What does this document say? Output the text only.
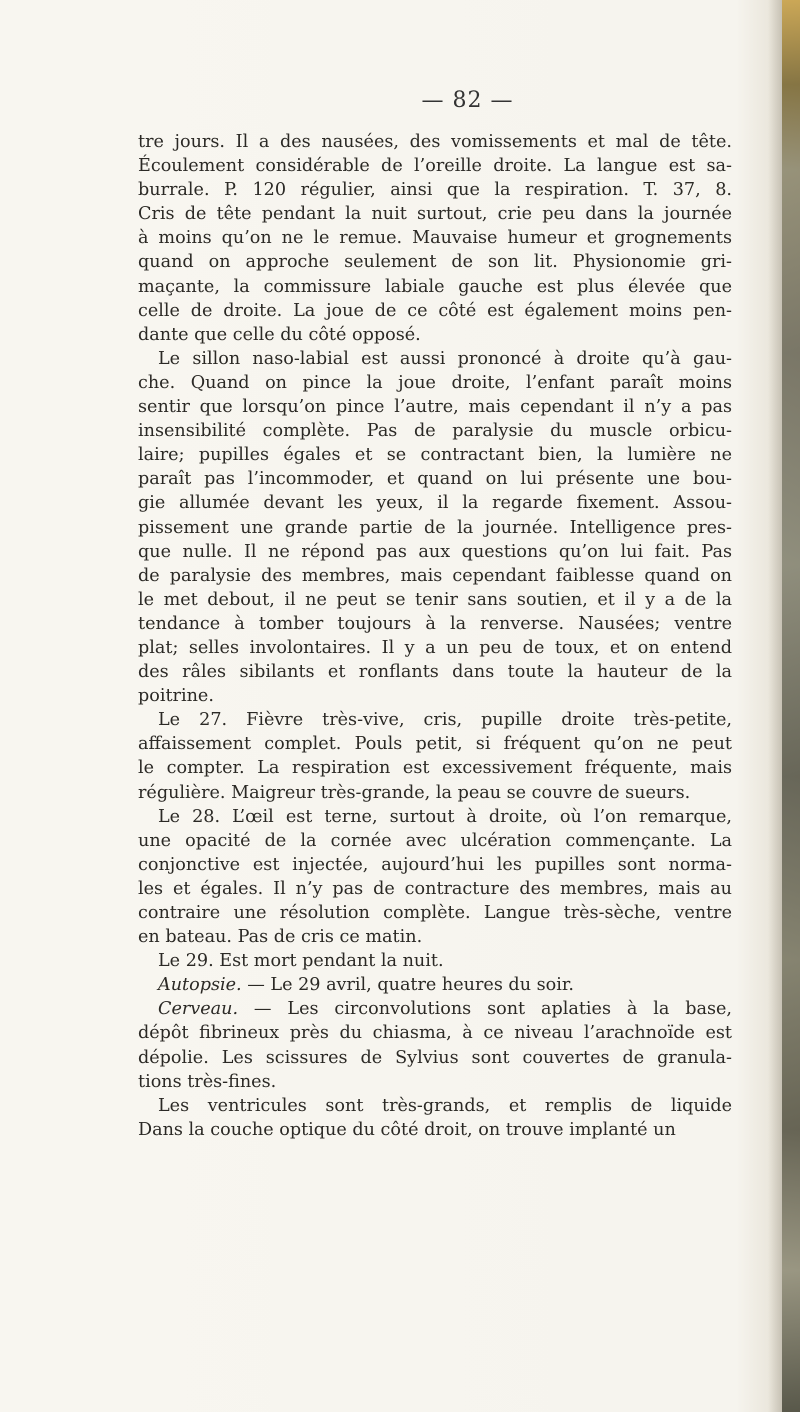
— 82 —

tre jours. Il a des nausées, des vomissements et mal de tête.
Écoulement considérable de l’oreille droite. La langue est sa-
burrale. P. 120 régulier, ainsi que la respiration. T. 37, 8.
Cris de tête pendant la nuit surtout, crie peu dans la journée
à moins qu’on ne le remue. Mauvaise humeur et grognements
quand on approche seulement de son lit. Physionomie gri-
maçante, la commissure labiale gauche est plus élevée que
celle de droite. La joue de ce côté est également moins pen-
dante que celle du côté opposé.

Le sillon naso-labial est aussi prononcé à droite qu’à gau-
che. Quand on pince la joue droite, l’enfant paraît moins
sentir que lorsqu’on pince l’autre, mais cependant il n’y a pas
insensibilité complète. Pas de paralysie du muscle orbicu-
laire; pupilles égales et se contractant bien, la lumière ne
paraît pas l’incommoder, et quand on lui présente une bou-
gie allumée devant les yeux, il la regarde fixement. Assou-
pissement une grande partie de la journée. Intelligence pres-
que nulle. Il ne répond pas aux questions qu’on lui fait. Pas
de paralysie des membres, mais cependant faiblesse quand on
le met debout, il ne peut se tenir sans soutien, et il y a de la
tendance à tomber toujours à la renverse. Nausées; ventre
plat; selles involontaires. Il y a un peu de toux, et on entend
des râles sibilants et ronflants dans toute la hauteur de la
poitrine.

Le 27. Fièvre très-vive, cris, pupille droite très-petite,
affaissement complet. Pouls petit, si fréquent qu’on ne peut
le compter. La respiration est excessivement fréquente, mais
régulière. Maigreur très-grande, la peau se couvre de sueurs.

Le 28. L’œil est terne, surtout à droite, où l’on remarque,
une opacité de la cornée avec ulcération commençante. La
conjonctive est injectée, aujourd’hui les pupilles sont norma-
les et égales. Il n’y pas de contracture des membres, mais au
contraire une résolution complète. Langue très-sèche, ventre
en bateau. Pas de cris ce matin.

Le 29. Est mort pendant la nuit.

Autopsie. — Le 29 avril, quatre heures du soir.

Cerveau. — Les circonvolutions sont aplaties à la base,
dépôt fibrineux près du chiasma, à ce niveau l’arachnoïde est
dépolie. Les scissures de Sylvius sont couvertes de granula-
tions très-fines.

Les ventricules sont très-grands, et remplis de liquide
Dans la couche optique du côté droit, on trouve implanté un
